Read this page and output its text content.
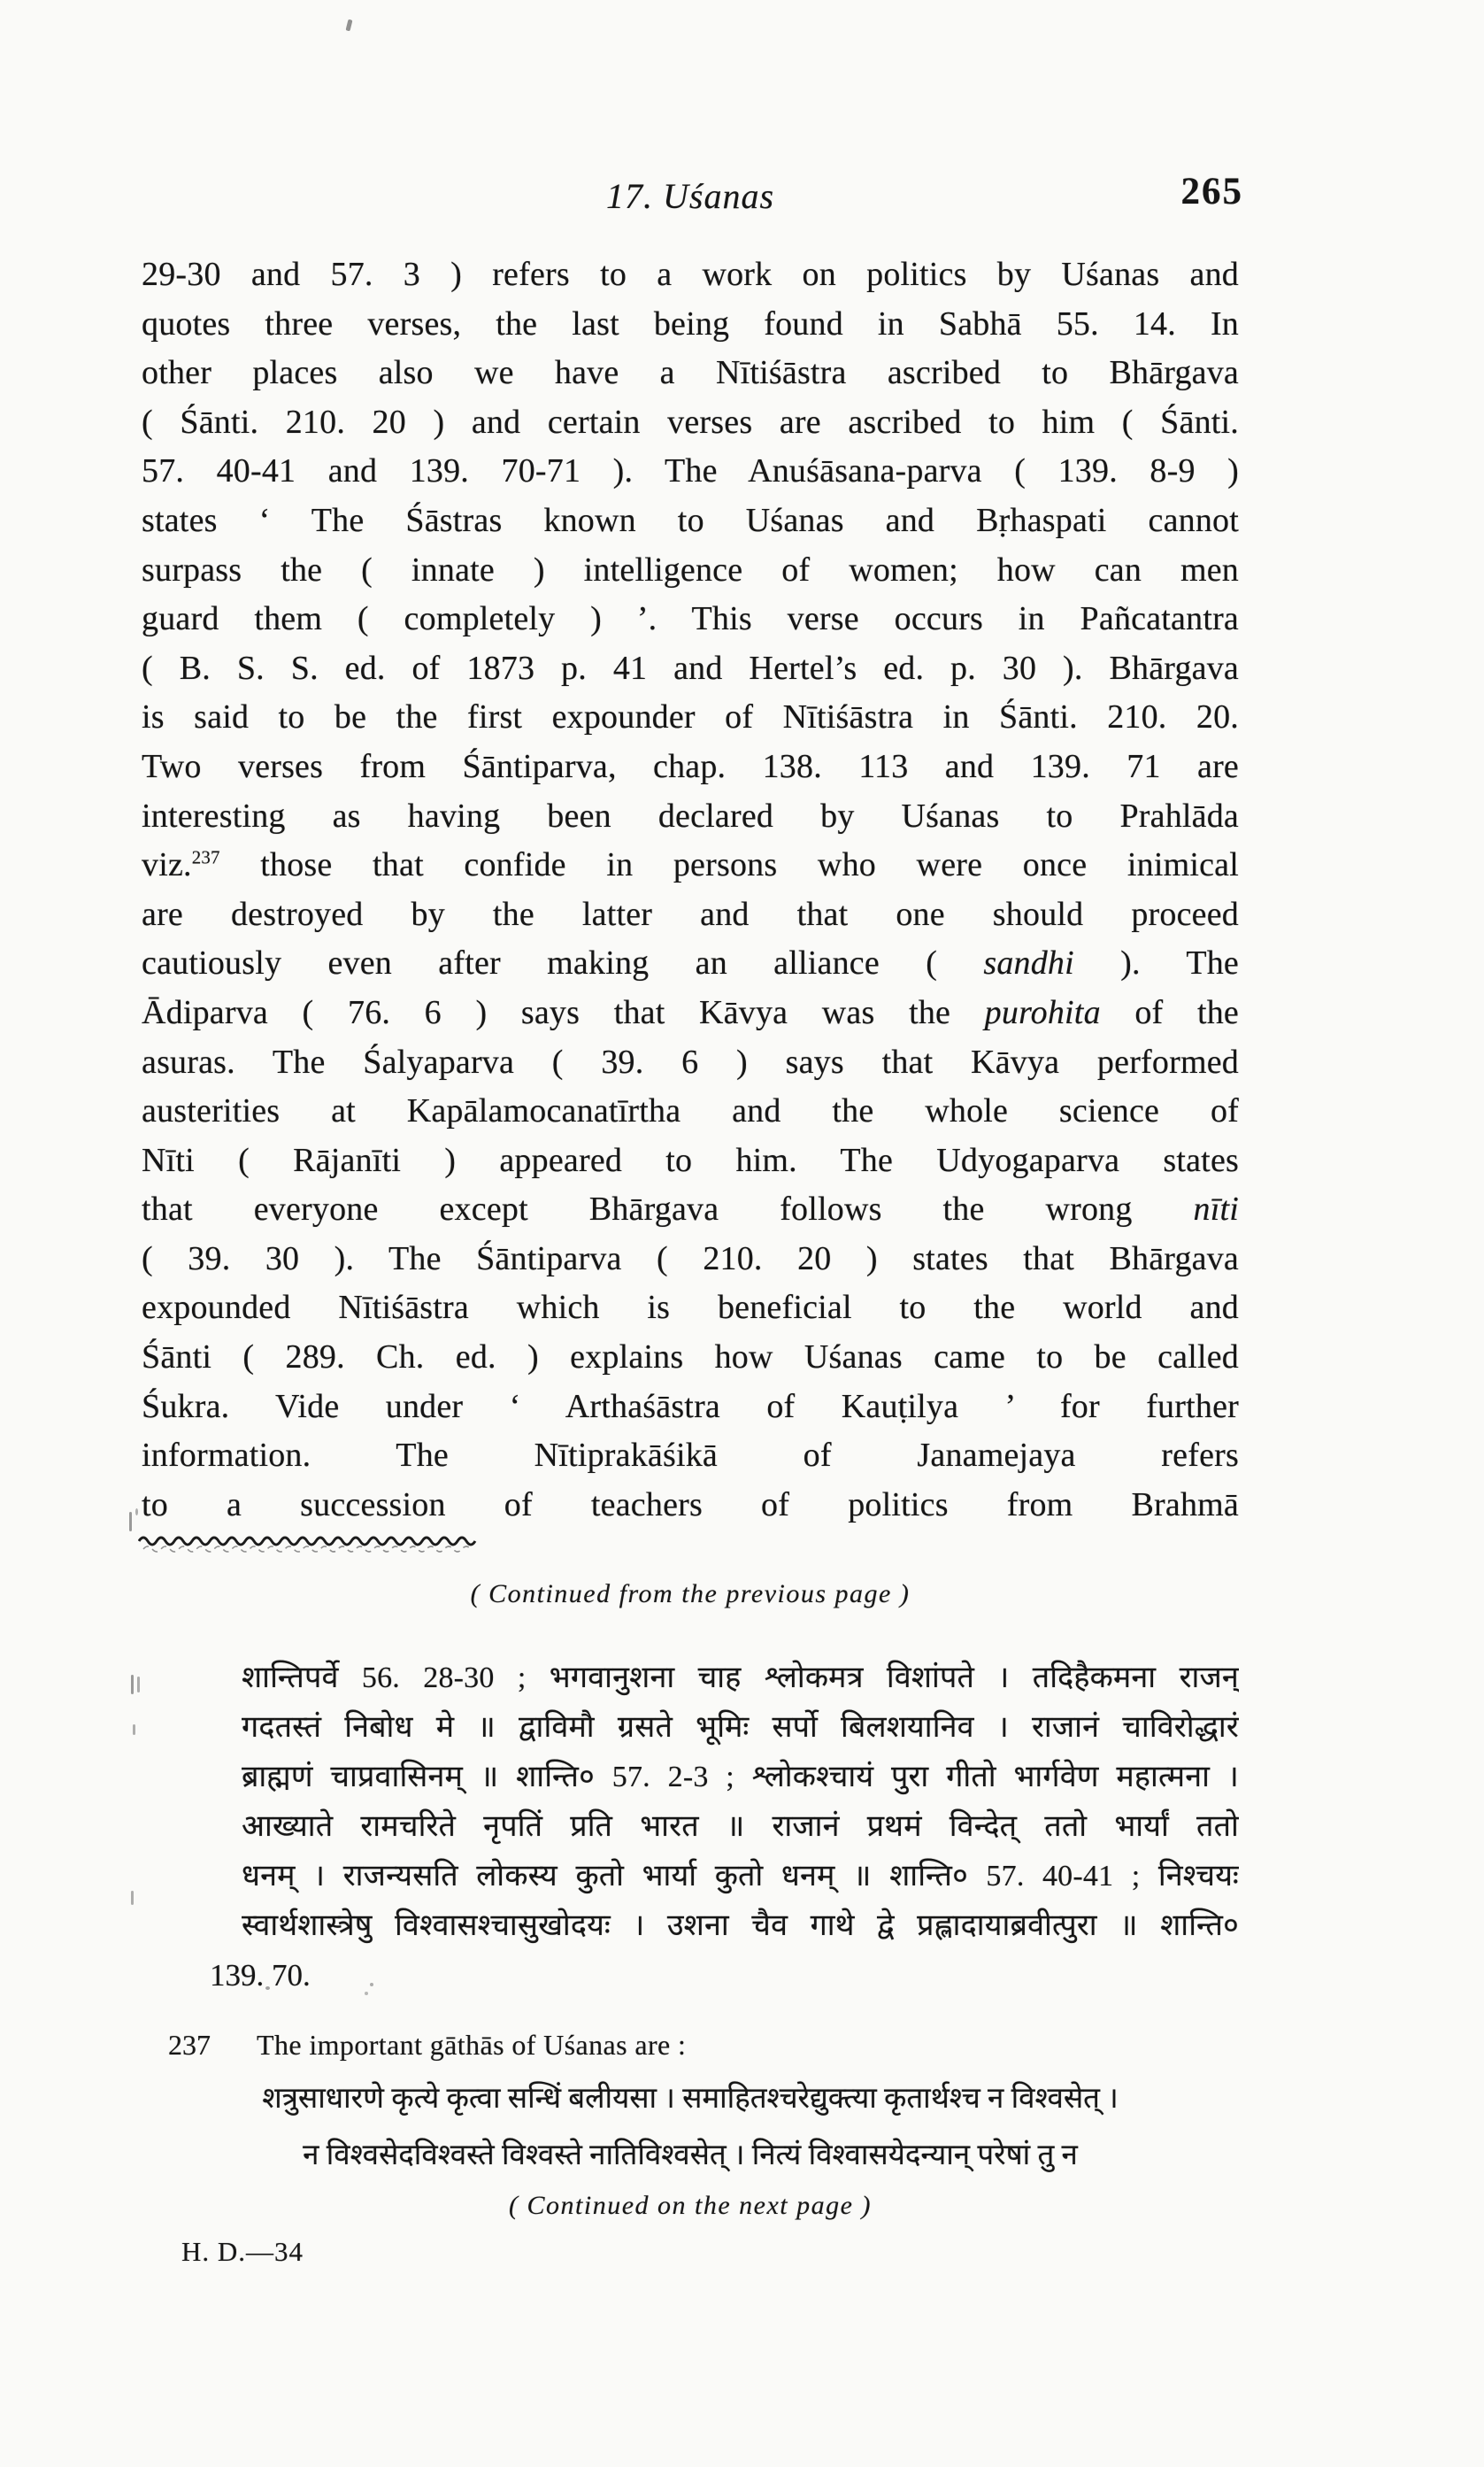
17. Uśanas	265
29-30 and 57. 3 ) refers to a work on politics by Uśanas and
quotes three verses, the last being found in Sabhā 55. 14. In
other places also we have a Nītiśāstra ascribed to Bhārgava
( Śānti. 210. 20 ) and certain verses are ascribed to him ( Śānti.
57. 40-41 and 139. 70-71 ). The Anuśāsana-parva ( 139. 8-9 )
states ‘ The Śāstras known to Uśanas and Bṛhaspati cannot
surpass the ( innate ) intelligence of women; how can men
guard them ( completely ) ’. This verse occurs in Pañcatantra
( B. S. S. ed. of 1873 p. 41 and Hertel’s ed. p. 30 ). Bhārgava
is said to be the first expounder of Nītiśāstra in Śānti. 210. 20.
Two verses from Śāntiparva, chap. 138. 113 and 139. 71 are
interesting as having been declared by Uśanas to Prahlāda
viz.$^{237}$ those that confide in persons who were once inimical
are destroyed by the latter and that one should proceed
cautiously even after making an alliance ( sandhi ). The
Ādiparva ( 76. 6 ) says that Kāvya was the purohita of the
asuras. The Śalyaparva ( 39. 6 ) says that Kāvya performed
austerities at Kapālamocanatīrtha and the whole science of
Nīti ( Rājanīti ) appeared to him. The Udyogaparva states
that everyone except Bhārgava follows the wrong nīti
( 39. 30 ). The Śāntiparva ( 210. 20 ) states that Bhārgava
expounded Nītiśāstra which is beneficial to the world and
Śānti ( 289. Ch. ed. ) explains how Uśanas came to be called
Śukra. Vide under ‘ Arthaśāstra of Kauṭilya ’ for further
information. The Nītiprakāśikā of Janamejaya refers
to a succession of teachers of politics from Brahmā
( Continued from the previous page )
शान्तिपर्वे 56. 28-30 ; भगवानुशना चाह श्लोकमत्र विशांपते । तदिहैकमना राजन्
गदतस्तं निबोध मे ॥ द्वाविमौ ग्रसते भूमिः सर्पो बिलशयानिव । राजानं चाविरोद्धारं
ब्राह्मणं चाप्रवासिनम् ॥ शान्ति० 57. 2-3 ; श्लोकश्चायं पुरा गीतो भार्गवेण महात्मना ।
आख्याते रामचरिते नृपतिं प्रति भारत ॥ राजानं प्रथमं विन्देत् ततो भार्यां ततो
धनम् । राजन्यसति लोकस्य कुतो भार्या कुतो धनम् ॥ शान्ति० 57. 40-41 ; निश्चयः
स्वार्थशास्त्रेषु विश्वासश्चासुखोदयः । उशना चैव गाथे द्वे प्रह्लादायाब्रवीत्पुरा ॥ शान्ति०
139. 70.
237	The important gāthās of Uśanas are :
शत्रुसाधारणे कृत्ये कृत्वा सन्धिं बलीयसा । समाहितश्चरेद्युक्त्या कृतार्थश्च न विश्वसेत् ।
न विश्वसेदविश्वस्ते विश्वस्ते नातिविश्वसेत् । नित्यं विश्वासयेदन्यान् परेषां तु न
( Continued on the next page )
H. D.—34
